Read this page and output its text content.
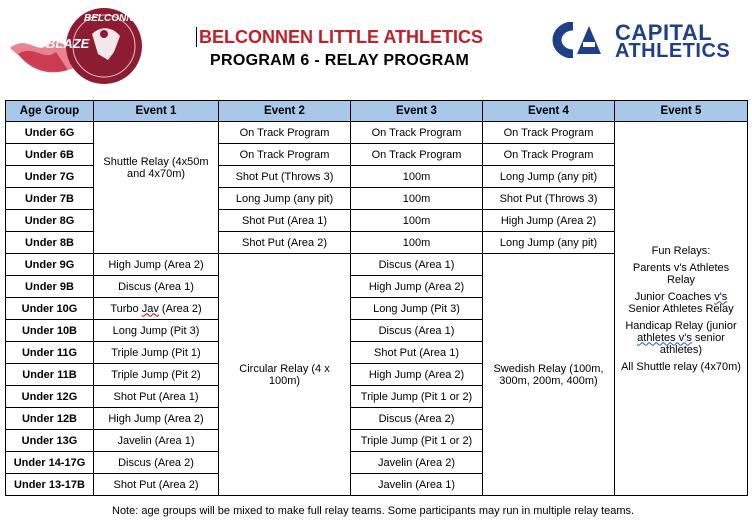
BELCONNEN
BLAZE	CAPITAL
ATHLETICS
BELCONNEN LITTLE ATHLETICS
PROGRAM 6 - RELAY PROGRAM
Age Group	Event 1	Event 2	Event 3	Event 4	Event 5
Under 6G	Shuttle Relay (4x50m and 4x70m)	On Track Program	On Track Program	On Track Program	Fun Relays:
Parents v's Athletes Relay
Junior Coaches v's Senior Athletes Relay
Handicap Relay (junior athletes v's senior athletes)
All Shuttle relay (4x70m)

Under 6B		On Track Program	On Track Program	On Track Program	
Under 7G		Shot Put (Throws 3)	100m	Long Jump (any pit)	
Under 7B		Long Jump (any pit)	100m	Shot Put (Throws 3)	
Under 8G		Shot Put (Area 1)	100m	High Jump (Area 2)	
Under 8B		Shot Put (Area 2)	100m	Long Jump (any pit)	
Under 9G	High Jump (Area 2)	Circular Relay (4 x 100m)	Discus (Area 1)	Swedish Relay (100m, 300m, 200m, 400m)	
Under 9B	Discus (Area 1)		High Jump (Area 2)		
Under 10G	Turbo Jav (Area 2)		Long Jump (Pit 3)		
Under 10B	Long Jump (Pit 3)		Discus (Area 1)		
Under 11G	Triple Jump (Pit 1)		Shot Put (Area 1)		
Under 11B	Triple Jump (Pit 2)		High Jump (Area 2)		
Under 12G	Shot Put (Area 1)		Triple Jump (Pit 1 or 2)		
Under 12B	High Jump (Area 2)		Discus (Area 2)		
Under 13G	Javelin (Area 1)		Triple Jump (Pit 1 or 2)		
Under 14-17G	Discus (Area 2)		Javelin (Area 2)		
Under 13-17B	Shot Put (Area 2)		Javelin (Area 1)		
Note: age groups will be mixed to make full relay teams. Some participants may run in multiple relay teams.
